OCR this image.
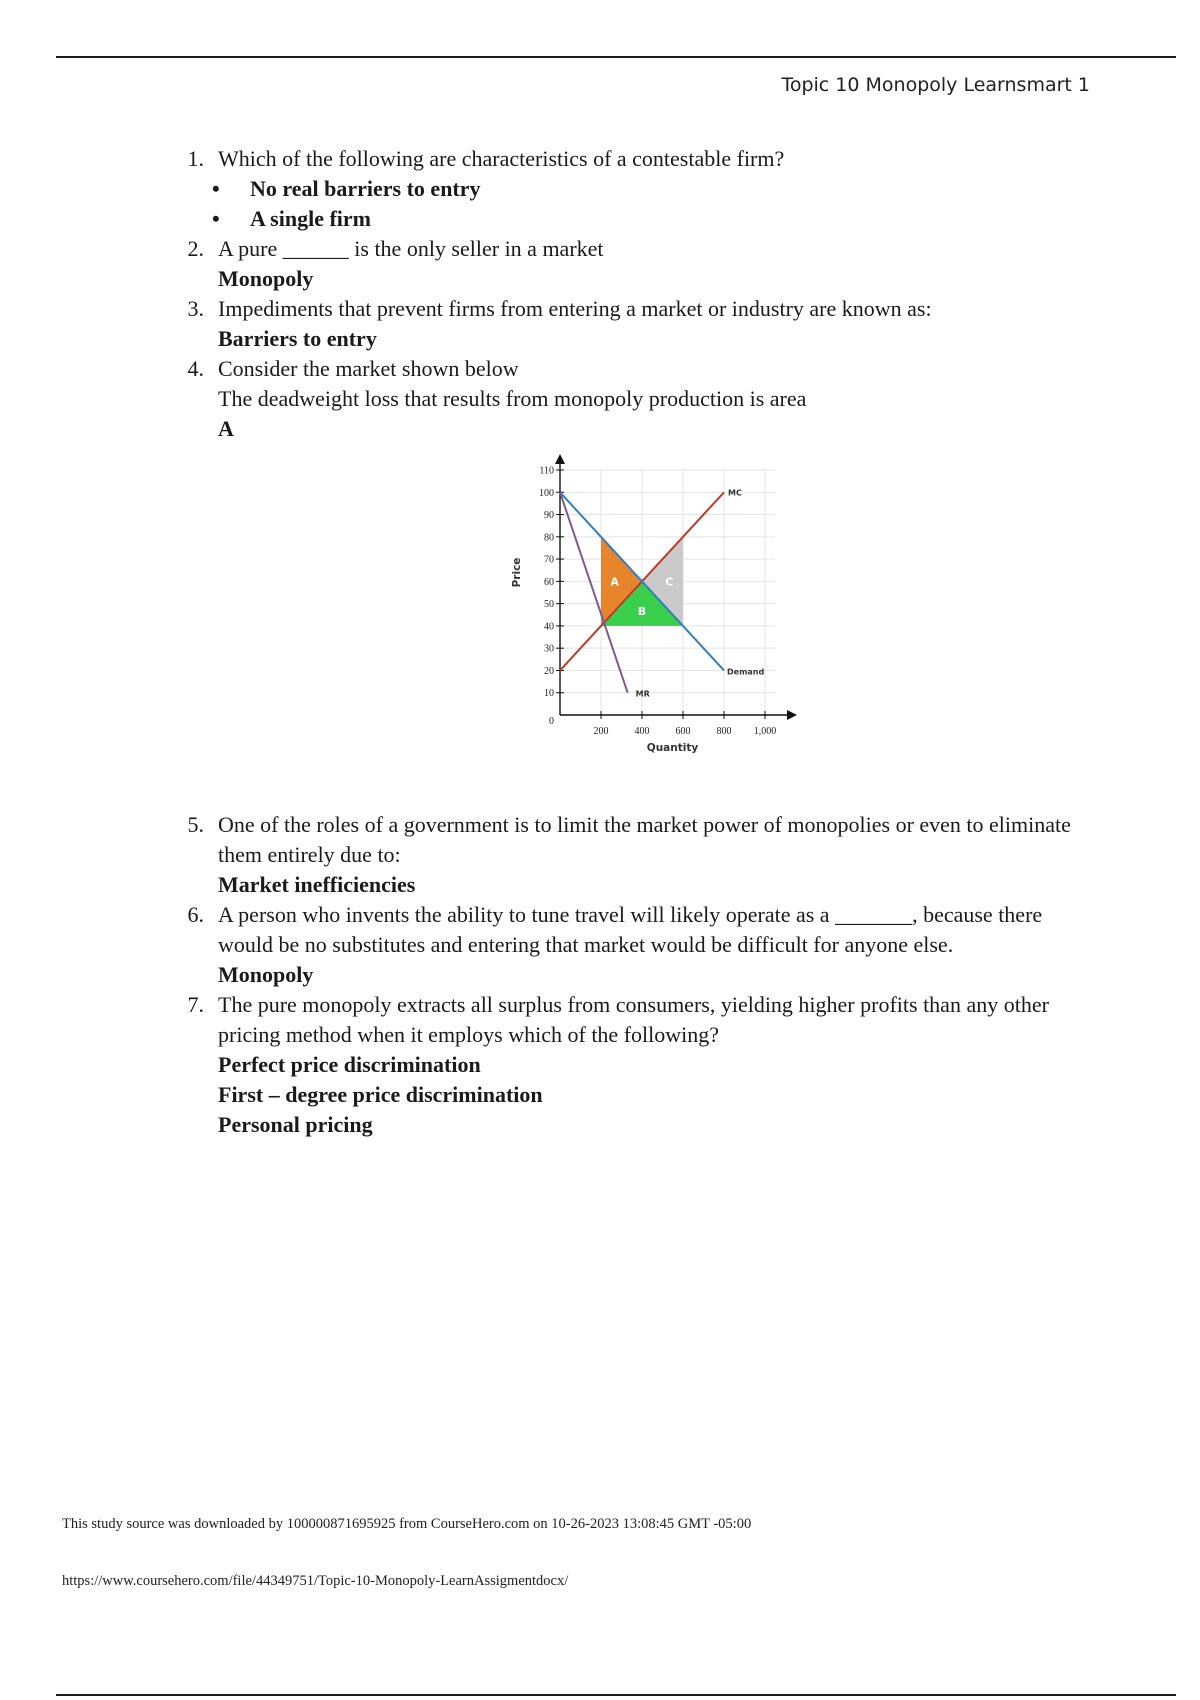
Topic 10 Monopoly Learnsmart 1
1. Which of the following are characteristics of a contestable firm?
• No real barriers to entry
• A single firm
2. A pure ______ is the only seller in a market
Monopoly
3. Impediments that prevent firms from entering a market or industry are known as:
Barriers to entry
4. Consider the market shown below
The deadweight loss that results from monopoly production is area
A
A
B
C
200	400	600	800 1,000
10
20
30
40
50
60
70
80
90
100
110
0
MC
Demand
MR
Quantity
Price
5. One of the roles of a government is to limit the market power of monopolies or even to eliminate them entirely due to:
Market inefficiencies
6. A person who invents the ability to tune travel will likely operate as a _______, because there would be no substitutes and entering that market would be difficult for anyone else.
Monopoly
7. The pure monopoly extracts all surplus from consumers, yielding higher profits than any other pricing method when it employs which of the following?
Perfect price discrimination
First – degree price discrimination
Personal pricing
This study source was downloaded by 100000871695925 from CourseHero.com on 10-26-2023 13:08:45 GMT -05:00
https://www.coursehero.com/file/44349751/Topic-10-Monopoly-LearnAssigmentdocx/
